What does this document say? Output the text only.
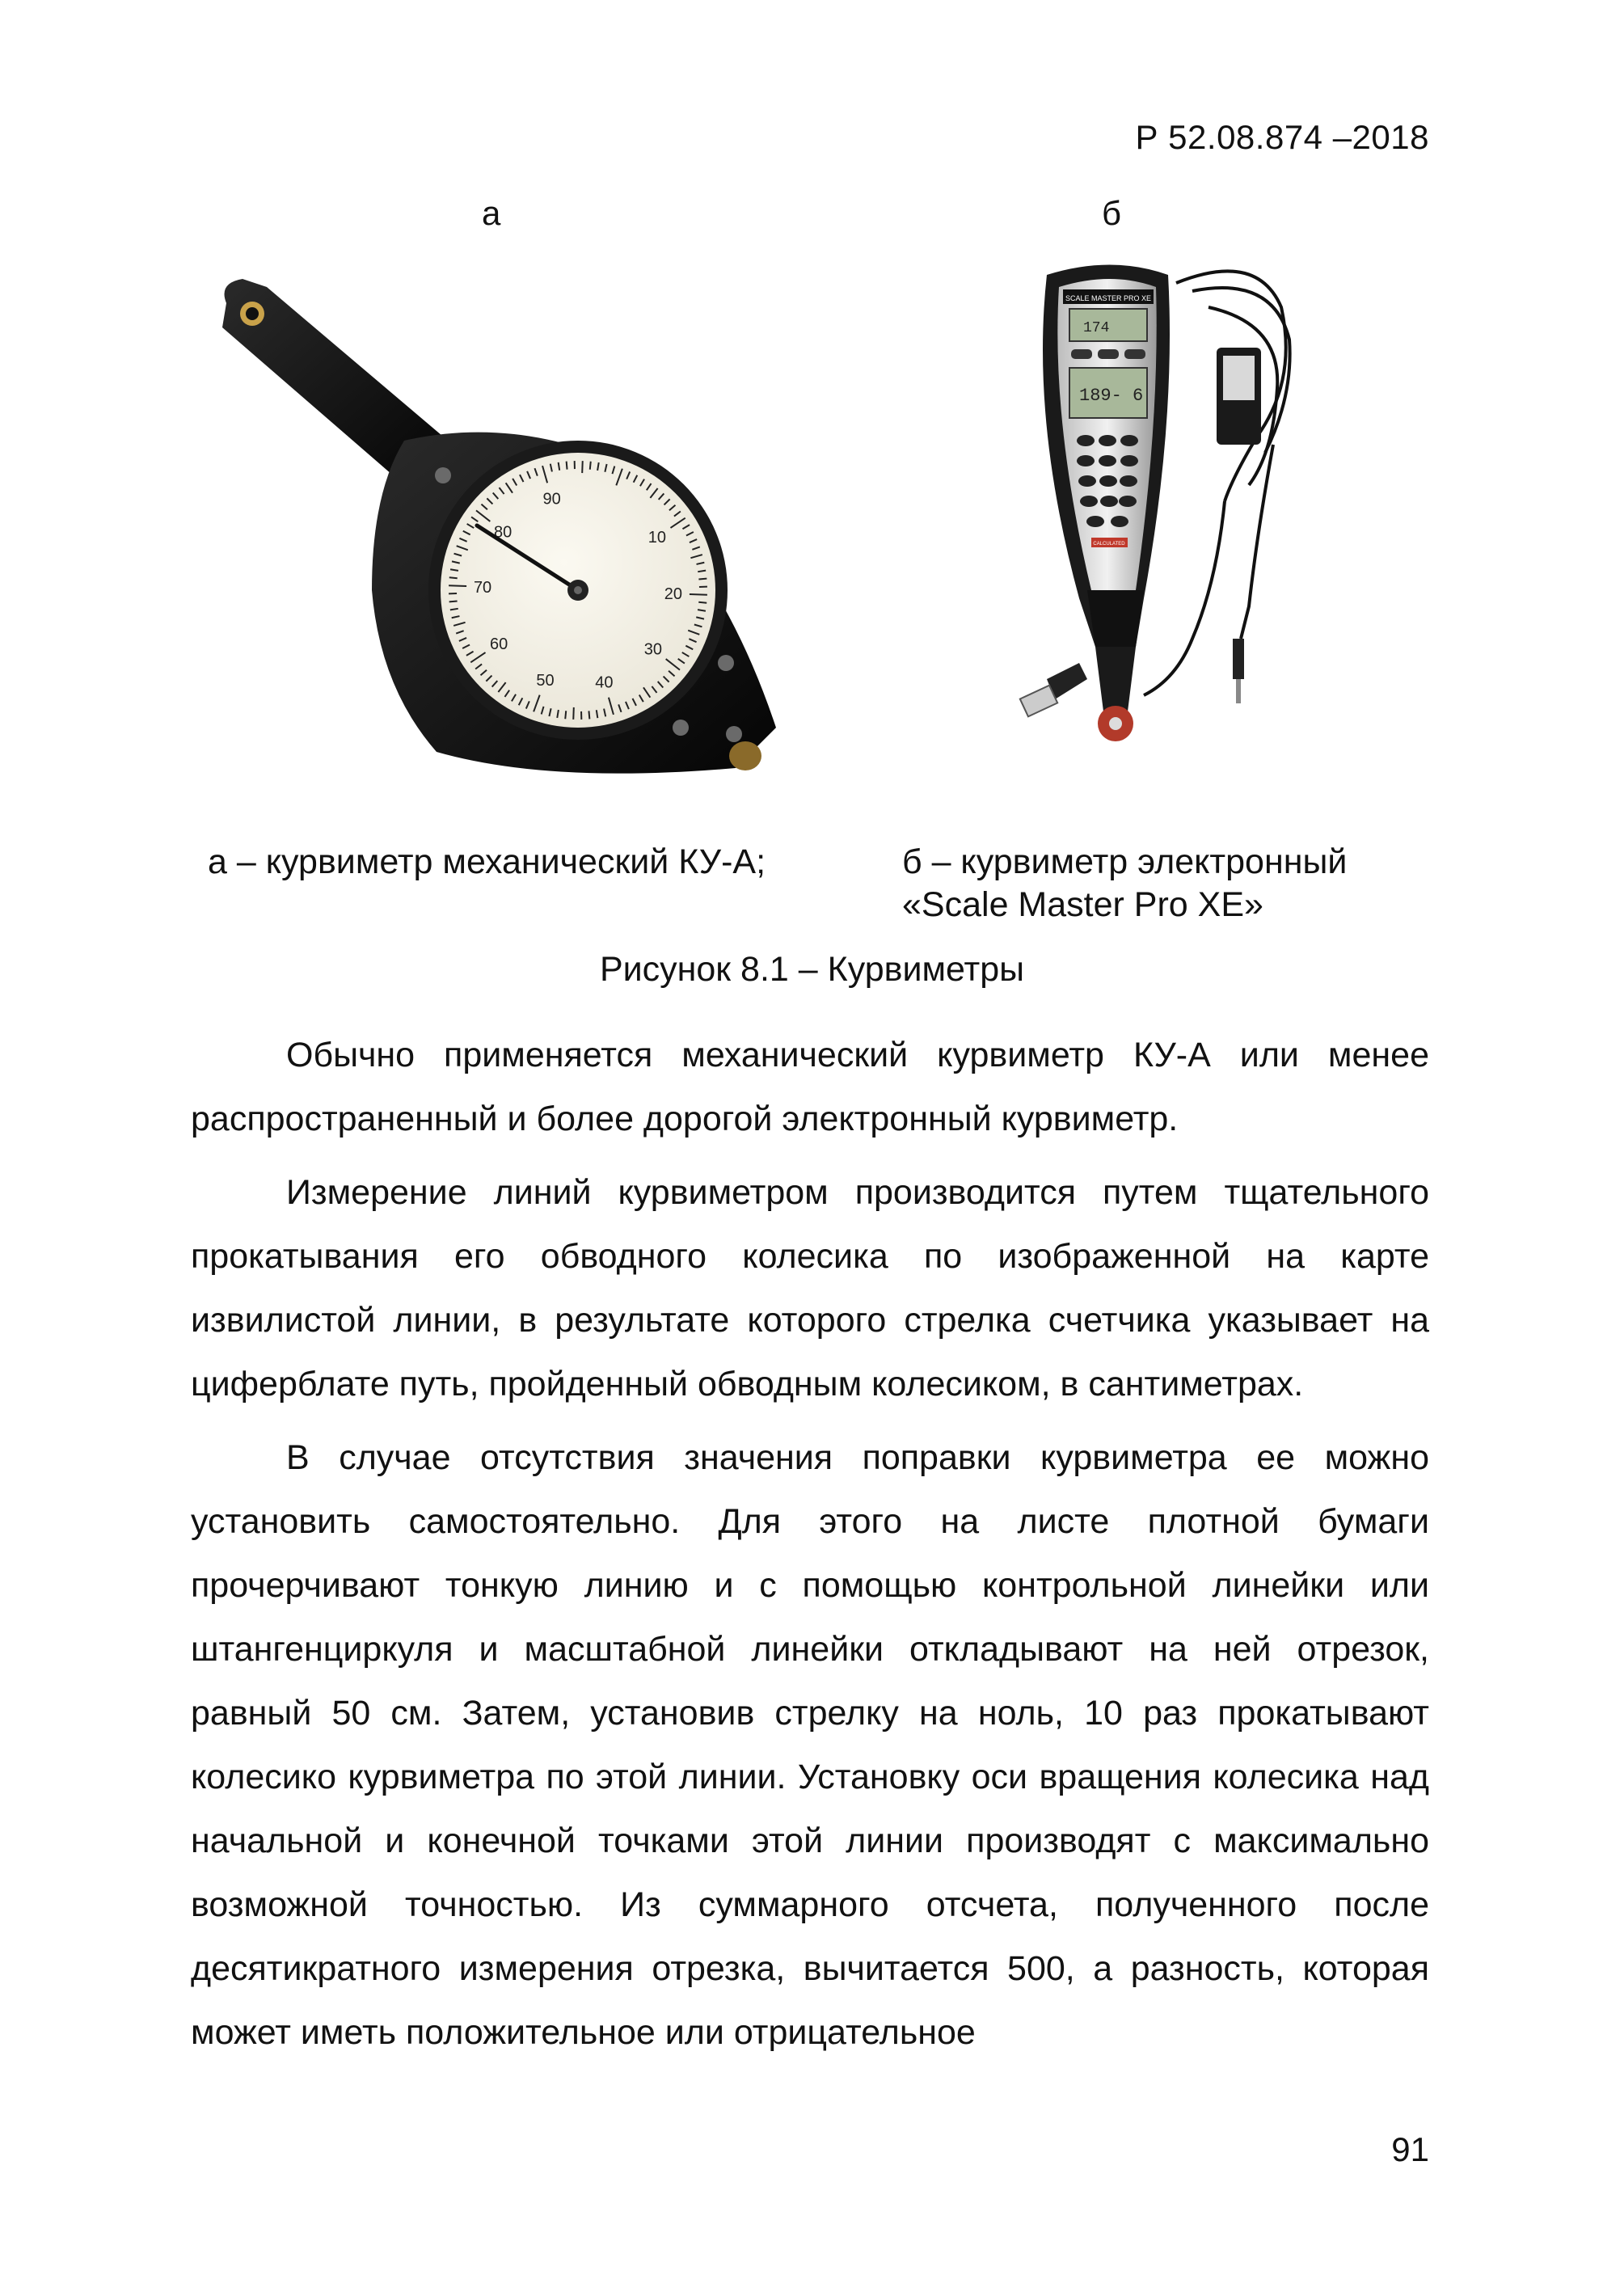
Р 52.08.874 –2018
а	б
10
20
30
40
50
60
70
80
90
SCALE MASTER PRO XE
174
189- 6
CALCULATED
а – курвиметр механический КУ-А;	б – курвиметр электронный
«Scale Master Pro XE»
Рисунок 8.1 – Курвиметры

Обычно применяется механический курвиметр КУ-А или менее распространенный и более дорогой электронный курвиметр.

Измерение линий курвиметром производится путем тщательного прокатывания его обводного колесика по изображенной на карте извилистой линии, в результате которого стрелка счетчика указывает на циферблате путь, пройденный обводным колесиком, в сантиметрах.

В случае отсутствия значения поправки курвиметра ее можно установить самостоятельно. Для этого на листе плотной бумаги прочерчивают тонкую линию и с помощью контрольной линейки или штангенциркуля и масштабной линейки откладывают на ней отрезок, равный 50 см. Затем, установив стрелку на ноль, 10 раз прокатывают колесико курвиметра по этой линии. Установку оси вращения колесика над начальной и конечной точками этой линии производят с максимально возможной точностью. Из суммарного отсчета, полученного после десятикратного измерения отрезка, вычитается 500, а разность, которая может иметь положительное или отрицательное

91
